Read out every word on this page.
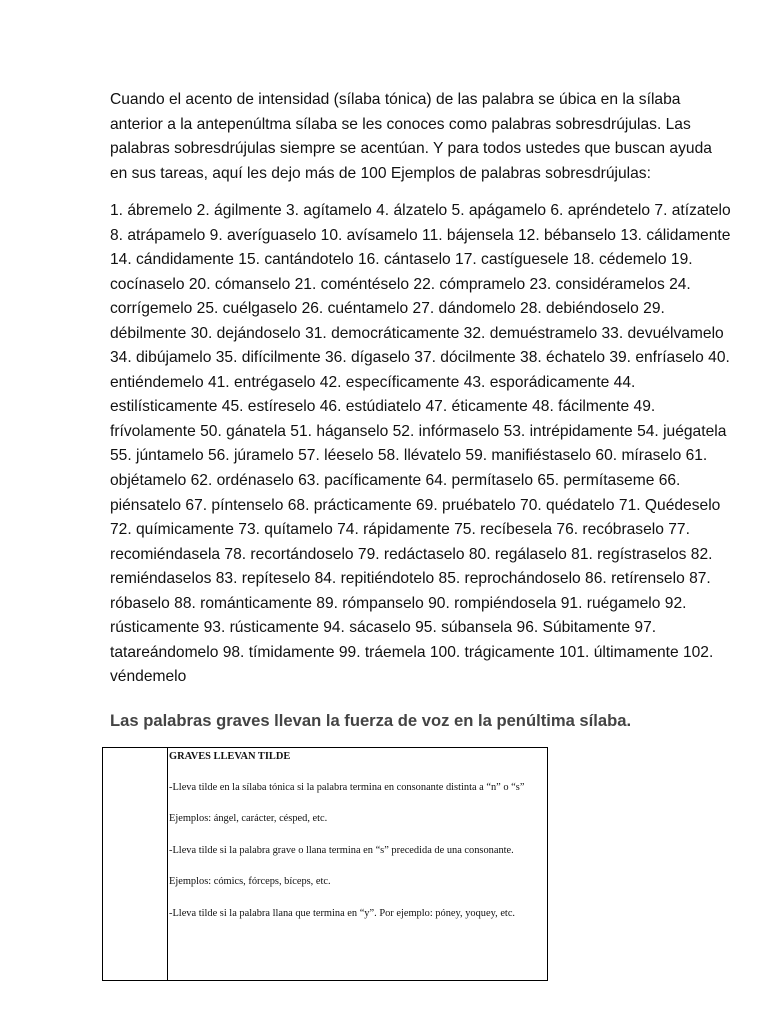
Cuando el acento de intensidad (sílaba tónica) de las palabra se úbica en la sílaba anterior a la antepenúltma sílaba se les conoces como palabras sobresdrújulas. Las palabras sobresdrújulas siempre se acentúan. Y para todos ustedes que buscan ayuda en sus tareas, aquí les dejo más de 100 Ejemplos de palabras sobresdrújulas:

1. ábremelo 2. ágilmente 3. agítamelo 4. álzatelo 5. apágamelo 6. apréndetelo 7. atízatelo 8. atrápamelo 9. averíguaselo 10. avísamelo 11. bájenselа 12. bébanselo 13. cálidamente 14. cándidamente 15. cantándotelo 16. cántaselo 17. castíguesele 18. cédemelo 19. cocínaselo 20. cómanselo 21. coméntéselo 22. cómpramelo 23. considéramelos 24. corrígemelo 25. cuélgaselo 26. cuéntamelo 27. dándomelo 28. debiéndoselo 29. débilmente 30. dejándoselo 31. democráticamente 32. demuéstramelo 33. devuélvamelo 34. dibújamelo 35. difícilmente 36. dígaselo 37. dócilmente 38. échatelo 39. enfríaselo 40. entiéndemelo 41. entrégaselo 42. específicamente 43. esporádicamente 44. estilísticamente 45. estíreselo 46. estúdiatelo 47. éticamente 48. fácilmente 49. frívolamente 50. gánatela 51. háganselo 52. infórmaselo 53. intrépidamente 54. juégatela 55. júntamelo 56. júramelo 57. léeselo 58. llévatelo 59. manifiéstaselo 60. míraselo 61. objétamelo 62. ordénaselo 63. pacíficamente 64. permítaselo 65. permítaseme 66. piénsatelo 67. píntenselo 68. prácticamente 69. pruébatelo 70. quédatelo 71. Quédeselo 72. químicamente 73. quítamelo 74. rápidamente 75. recíbesela 76. recóbraselo 77. recomiéndasela 78. recortándoselo 79. redáctaselo 80. regálaselo 81. regístraselos 82. remiéndaselos 83. repíteselo 84. repitiéndotelo 85. reprochándoselo 86. retírenselo 87. róbaselo 88. románticamente 89. rómpanselo 90. rompiéndosela 91. ruégamelo 92. rústicamente 93. rústicamente 94. sácaselo 95. súbanselа 96. Súbitamente 97. tatareándomelo 98. tímidamente 99. tráemela 100. trágicamente 101. últimamente 102. véndemelo

Las palabras graves llevan la fuerza de voz en la penúltima sílaba.
GRAVES LLEVAN TILDE

-Lleva tilde en la sílaba tónica si la palabra termina en consonante distinta a “n” o “s”

Ejemplos: ángel, carácter, césped, etc.

-Lleva tilde si la palabra grave o llana termina en “s” precedida de una consonante.

Ejemplos: cómics, fórceps, bíceps, etc.

-Lleva tilde si la palabra llana que termina en “y”. Por ejemplo: póney, yoquey, etc.
